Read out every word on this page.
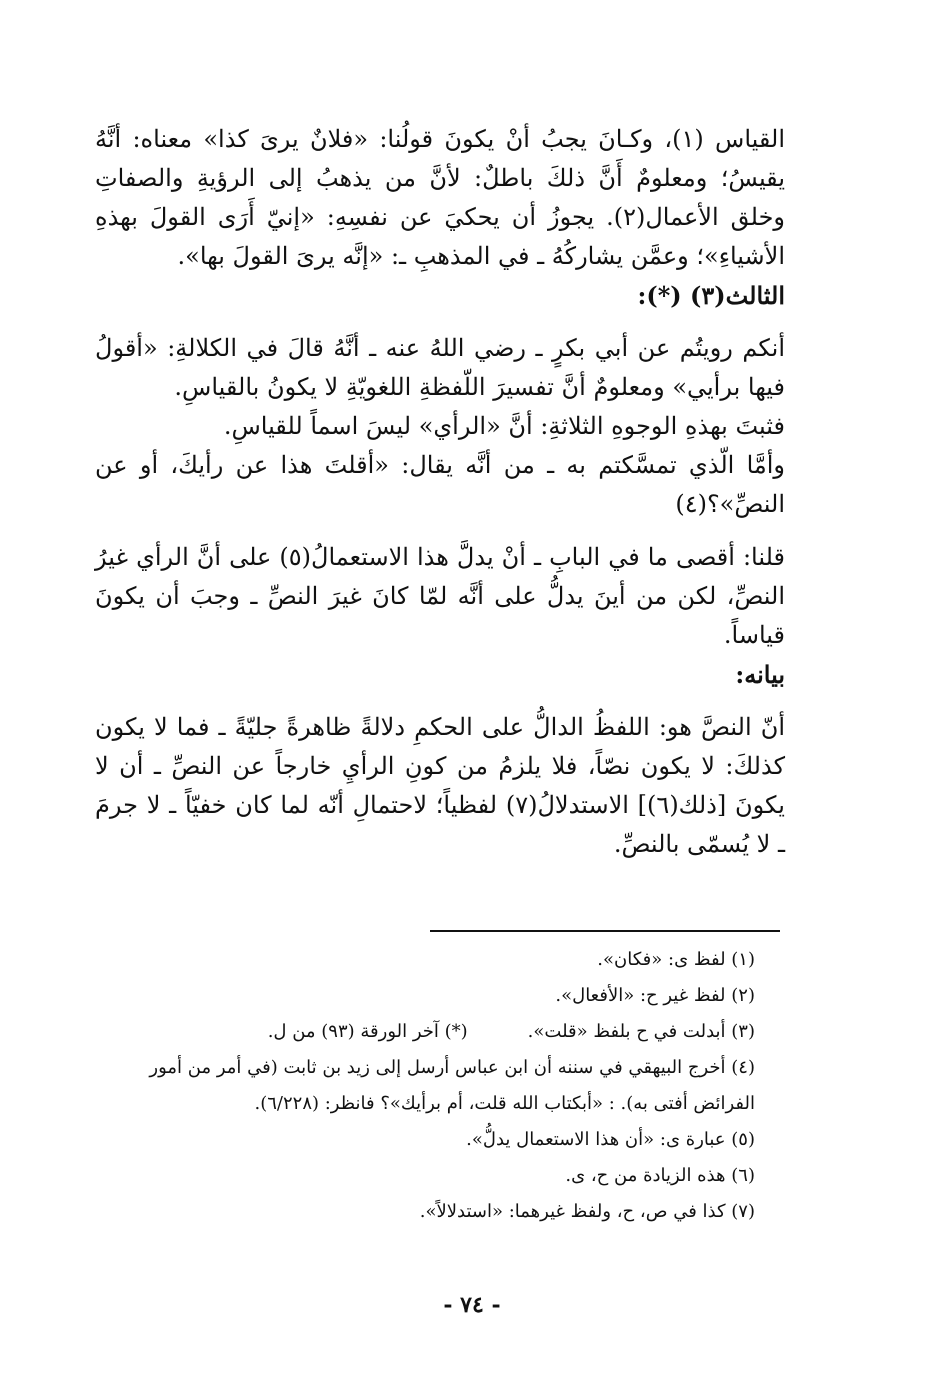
القياس (١)، وكـانَ يجبُ أنْ يكونَ قولُنا: «فلانٌ يرىَ كذا» معناه: أنَّهُ يقيسُ؛ ومعلومٌ أَنَّ ذلكَ باطلٌ: لأنَّ من يذهبُ إلى الرؤيةِ والصفاتِ وخلق الأعمال(٢). يجوزُ أن يحكيَ عن نفسِهِ: «إنيّ أَرَى القولَ بهذهِ الأشياءِ»؛ وعمَّن يشاركُهُ ـ في المذهبِ ـ: «إنَّه يرىَ القولَ بها».

الثالث(٣) (*):

أنكم رويتُم عن أبي بكرٍ ـ رضي اللهُ عنه ـ أنَّهُ قالَ في الكلالةِ: «أقولُ فيها برأيي» ومعلومٌ أنَّ تفسيرَ اللّفظةِ اللغويّةِ لا يكونُ بالقياسِ.

فثبتَ بهذهِ الوجوهِ الثلاثةِ: أنَّ «الرأي» ليسَ اسماً للقياسِ.

وأمَّا الّذي تمسَّكتم به ـ من أنَّه يقال: «أقلتَ هذا عن رأيكَ، أو عن النصِّ»؟(٤)

قلنا: أقصى ما في البابِ ـ أنْ يدلَّ هذا الاستعمالُ(٥) على أنَّ الرأي غيرُ النصِّ، لكن من أينَ يدلُّ على أنَّه لمّا كانَ غيرَ النصِّ ـ وجبَ أن يكونَ قياساً.

بيانه:

أنّ النصَّ هو: اللفظُ الدالُّ على الحكمِ دلالةً ظاهرةً جليّةً ـ فما لا يكون كذلكَ: لا يكون نصّاً، فلا يلزمُ من كونِ الرأيِ خارجاً عن النصِّ ـ أن لا يكونَ [ذلك(٦)] الاستدلالُ(٧) لفظياً؛ لاحتمالِ أنّه لما كان خفيّاً ـ لا جرمَ ـ لا يُسمّى بالنصِّ.

(١) لفظ ى: «فكان».

(٢) لفظ غير ح: «الأفعال».

(٣) أبدلت في ح بلفظ «قلت».

(*) آخر الورقة (٩٣) من ل.

(٤) أخرج البيهقي في سننه أن ابن عباس أرسل إلى زيد بن ثابت (في أمر من أمور الفرائض أفتى به). : «أبكتاب الله قلت، أم برأيك»؟ فانظر: (٦/٢٢٨).

(٥) عبارة ى: «أن هذا الاستعمال يدلُّ».

(٦) هذه الزيادة من ح، ى.

(٧) كذا في ص، ح، ولفظ غيرهما: «استدلالاً».

- ٧٤ -
